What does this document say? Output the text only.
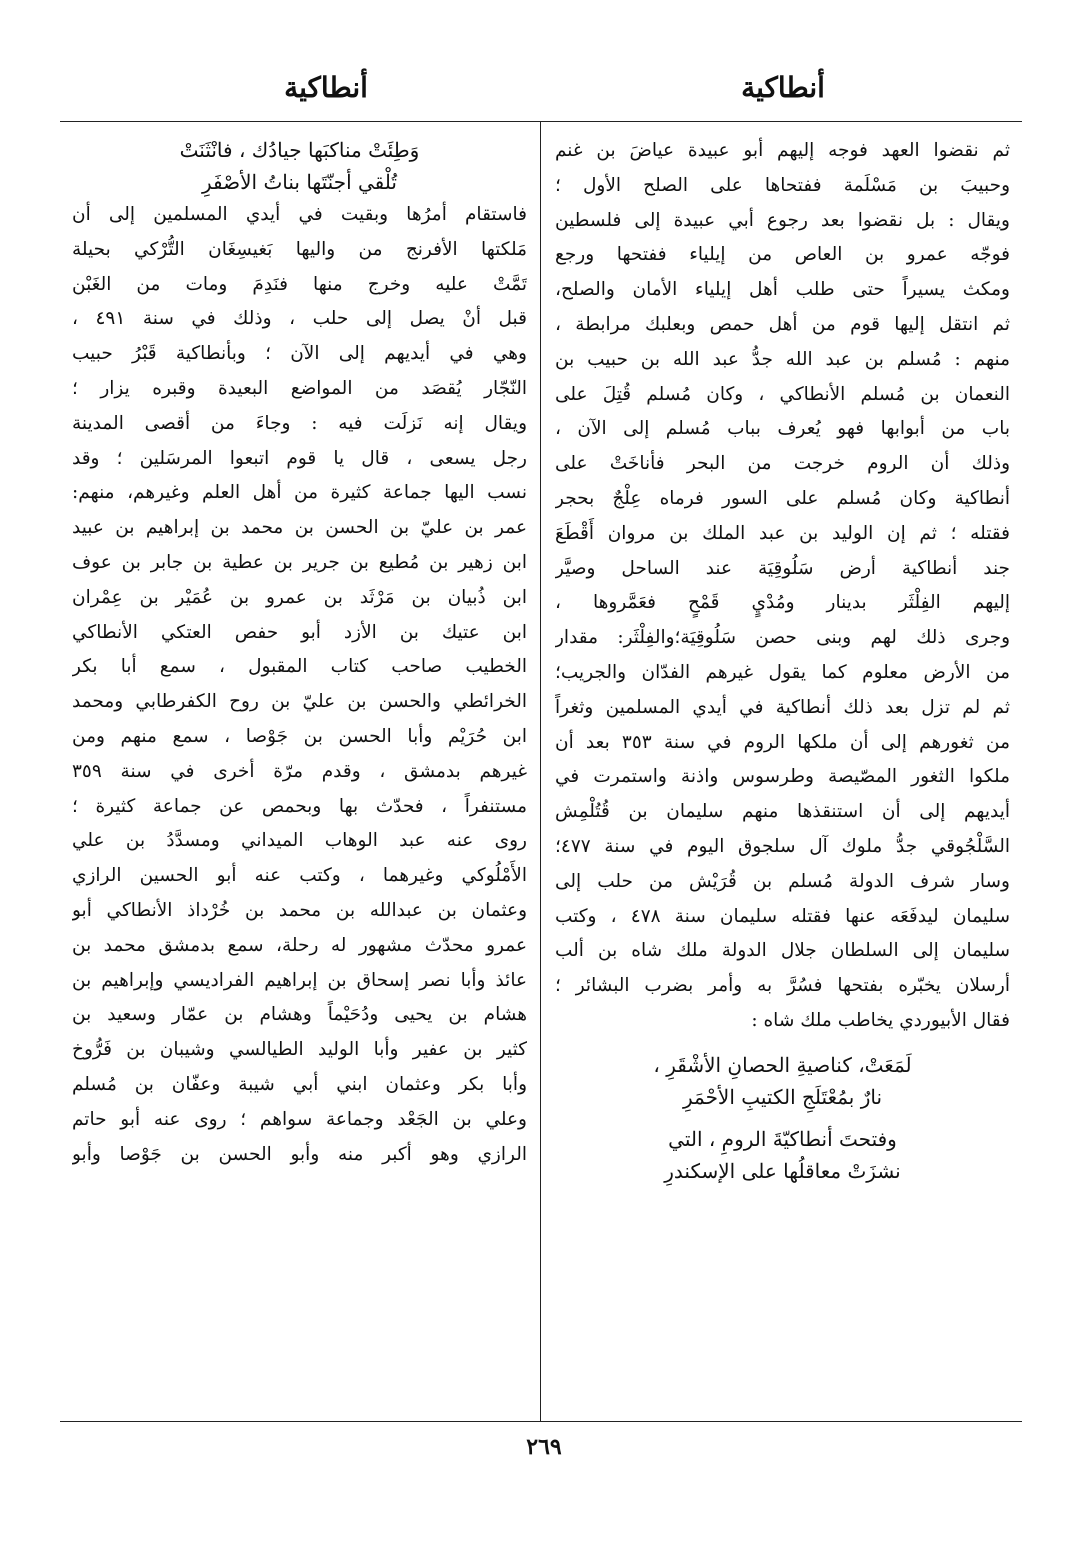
أنطاكية
أنطاكية
ثم نقضوا العهد فوجه إليهم أبو عبيدة عياضَ بن غنم
وحبيبَ بن مَسْلَمة ففتحاها على الصلح الأول ؛
ويقال : بل نقضوا بعد رجوع أبي عبيدة إلى فلسطين
فوجّه عمرو بن العاص من إيلياء ففتحها ورجع
ومكث يسيراً حتى طلب أهل إيلياء الأمان والصلح،
ثم انتقل إليها قوم من أهل حمص وبعلبك مرابطة ،
منهم : مُسلم بن عبد الله جدُّ عبد الله بن حبيب بن
النعمان بن مُسلم الأنطاكي ، وكان مُسلم قُتِلَ على
باب من أبوابها فهو يُعرف بباب مُسلم إلى الآن ،
وذلك أن الروم خرجت من البحر فأناخَتْ على
أنطاكية وكان مُسلم على السور فرماه عِلْجٌ بحجر
فقتله ؛ ثم إن الوليد بن عبد الملك بن مروان أَقْطَعَ
جند أنطاكية أرض سَلُوقِيَة عند الساحل وصيَّر
إليهم الفِلْثَر بدينار ومُدْيٍ قَمْحٍ فعَمَّروها ،
وجرى ذلك لهم وبنى حصن سَلُوقِيَة؛والفِلْثَر: مقدار
من الأرض معلوم كما يقول غيرهم الفدّان والجريب؛
ثم لم تزل بعد ذلك أنطاكية في أيدي المسلمين وثغراً
من ثغورهم إلى أن ملكها الروم في سنة ٣٥٣ بعد أن
ملكوا الثغور المصّيصة وطرسوس واذنة واستمرت في
أيديهم إلى أن استنقذها منهم سليمان بن قُتُلْمِش
السَّلْجُوقي جدُّ ملوك آل سلجوق اليوم في سنة ٤٧٧؛
وسار شرف الدولة مُسلم بن قُرَيْش من حلب إلى
سليمان ليدفَعَه عنها فقتله سليمان سنة ٤٧٨ ، وكتب
سليمان إلى السلطان جلال الدولة ملك شاه بن ألب
أرسلان يخبّره بفتحها فسُرَّ به وأمر بضرب البشائر ؛
فقال الأبيوردي يخاطب ملك شاه :
لَمَعَتْ، كناصيةِ الحصانِ الأشْقَرِ ،
نارٌ بمُعْتَلَجِ الكتيبِ الأحْمَرِ
وفتحتَ أنطاكيّةَ الرومِ ، التي
نشزَتْ معاقلُها على الإسكندرِ
وَطِئَتْ مناكبَها جيادُك ، فانْثَنَتْ
تُلْقي أجنّتَها بناتُ الأصْفَرِ
فاستقام أمرُها وبقيت في أيدي المسلمين إلى أن
مَلكتها الأفرنج من واليها بَغيسِغَان التُّرْكي بحيلة
تَمَّتْ عليه وخرج منها فنَدِمَ ومات من الغَبْن
قبل أنْ يصل إلى حلب ، وذلك في سنة ٤٩١ ،
وهي في أيديهم إلى الآن ؛ وبأنطاكية قَبْرُ حبيب
النّجّار يُقصَد من المواضع البعيدة وقبره يزار ؛
ويقال إنه نَزلَت فيه : وجاءَ من أقصى المدينة
رجل يسعى ، قال يا قوم اتبعوا المرسَلين ؛ وقد
نسب اليها جماعة كثيرة من أهل العلم وغيرهم، منهم:
عمر بن عليّ بن الحسن بن محمد بن إبراهيم بن عبيد
ابن زهير بن مُطيع بن جرير بن عطية بن جابر بن عوف
ابن ذُبيان بن مَرْثَد بن عمرو بن عُمَيْر بن عِمْران
ابن عتيك بن الأزد أبو حفص العتكي الأنطاكي
الخطيب صاحب كتاب المقبول ، سمع أبا بكر
الخرائطي والحسن بن عليّ بن روح الكفرطابي ومحمد
ابن حُرَيْم وأبا الحسن بن جَوْصا ، سمع منهم ومن
غيرهم بدمشق ، وقدم مرّة أخرى في سنة ٣٥٩
مستنفراً ، فحدّث بها وبحمص عن جماعة كثيرة ؛
روى عنه عبد الوهاب الميداني ومسدَّدُ بن علي
الأَمْلُوكي وغيرهما ، وكتب عنه أبو الحسين الرازي
وعثمان بن عبدالله بن محمد بن خُرْداذ الأنطاكي أبو
عمرو محدّث مشهور له رحلة، سمع بدمشق محمد بن
عائذ وأبا نصر إسحاق بن إبراهيم الفراديسي وإبراهيم بن
هشام بن يحيى ودُحَيْماً وهشام بن عمّار وسعيد بن
كثير بن عفير وأبا الوليد الطيالسي وشيبان بن فَرُّوخ
وأبا بكر وعثمان ابني أبي شيبة وعفّان بن مُسلم
وعلي بن الجَعْد وجماعة سواهم ؛ روى عنه أبو حاتم
الرازي وهو أكبر منه وأبو الحسن بن جَوْصا وأبو
٢٦٩
